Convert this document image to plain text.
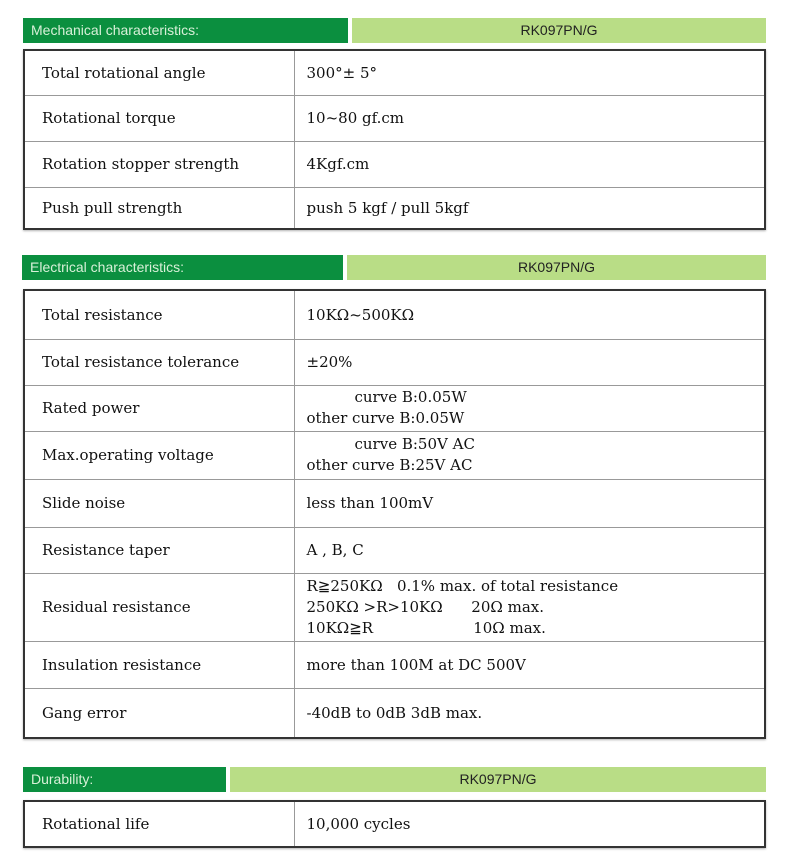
Mechanical characteristics:	RK097PN/G
Total rotational angle	300°± 5°
Rotational torque	10~80 gf.cm
Rotation stopper strength	4Kgf.cm
Push pull strength	push 5 kgf / pull 5kgf
Electrical characteristics:	RK097PN/G
Total resistance	10KΩ~500KΩ
Total resistance tolerance	±20%
Rated power	curve B:0.05W
other curve B:0.05W

Max.operating voltage	curve B:50V AC
other curve B:25V AC

Slide noise	less than 100mV
Resistance taper	A , B, C
Residual resistance	R≧250KΩ   0.1% max. of total resistance
250KΩ >R>10KΩ      20Ω max.
10KΩ≧R                     10Ω max.

Insulation resistance	more than 100M at DC 500V
Gang error	-40dB to 0dB 3dB max.
Durability:	RK097PN/G
Rotational life	10,000 cycles
